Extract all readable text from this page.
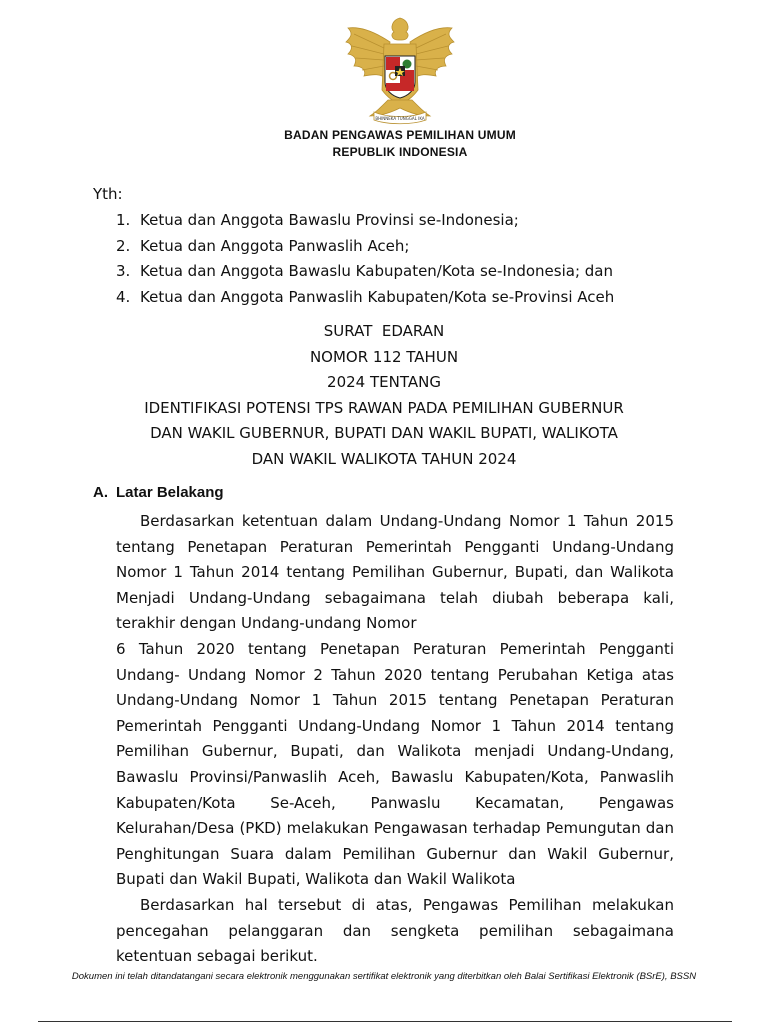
BHINNEKA TUNGGAL IKA
BADAN PENGAWAS PEMILIHAN UMUM
REPUBLIK INDONESIA
Yth:
1. Ketua dan Anggota Bawaslu Provinsi se-Indonesia;
2. Ketua dan Anggota Panwaslih Aceh;
3. Ketua dan Anggota Bawaslu Kabupaten/Kota se-Indonesia; dan
4. Ketua dan Anggota Panwaslih Kabupaten/Kota se-Provinsi Aceh
SURAT  EDARAN
NOMOR 112 TAHUN
2024 TENTANG
IDENTIFIKASI POTENSI TPS RAWAN PADA PEMILIHAN GUBERNUR
DAN WAKIL GUBERNUR, BUPATI DAN WAKIL BUPATI, WALIKOTA
DAN WAKIL WALIKOTA TAHUN 2024
A. Latar Belakang

Berdasarkan ketentuan dalam Undang-Undang Nomor 1 Tahun 2015 tentang Penetapan Peraturan Pemerintah Pengganti Undang-Undang Nomor 1 Tahun 2014 tentang Pemilihan Gubernur, Bupati, dan Walikota Menjadi Undang-Undang sebagaimana telah diubah beberapa kali, terakhir dengan Undang-undang Nomor

6 Tahun 2020 tentang Penetapan Peraturan Pemerintah Pengganti Undang- Undang Nomor 2 Tahun 2020 tentang Perubahan Ketiga atas Undang-Undang Nomor 1 Tahun 2015 tentang Penetapan Peraturan Pemerintah Pengganti Undang-Undang Nomor 1 Tahun 2014 tentang Pemilihan Gubernur, Bupati, dan Walikota menjadi Undang-Undang, Bawaslu Provinsi/Panwaslih Aceh, Bawaslu Kabupaten/Kota, Panwaslih Kabupaten/Kota Se-Aceh, Panwaslu Kecamatan, Pengawas Kelurahan/Desa (PKD) melakukan Pengawasan terhadap Pemungutan dan Penghitungan Suara dalam Pemilihan Gubernur dan Wakil Gubernur, Bupati dan Wakil Bupati, Walikota dan Wakil Walikota

Berdasarkan hal tersebut di atas, Pengawas Pemilihan melakukan pencegahan pelanggaran dan sengketa pemilihan sebagaimana ketentuan sebagai berikut.

Dokumen ini telah ditandatangani secara elektronik menggunakan sertifikat elektronik yang diterbitkan oleh Balai Sertifikasi Elektronik (BSrE), BSSN
